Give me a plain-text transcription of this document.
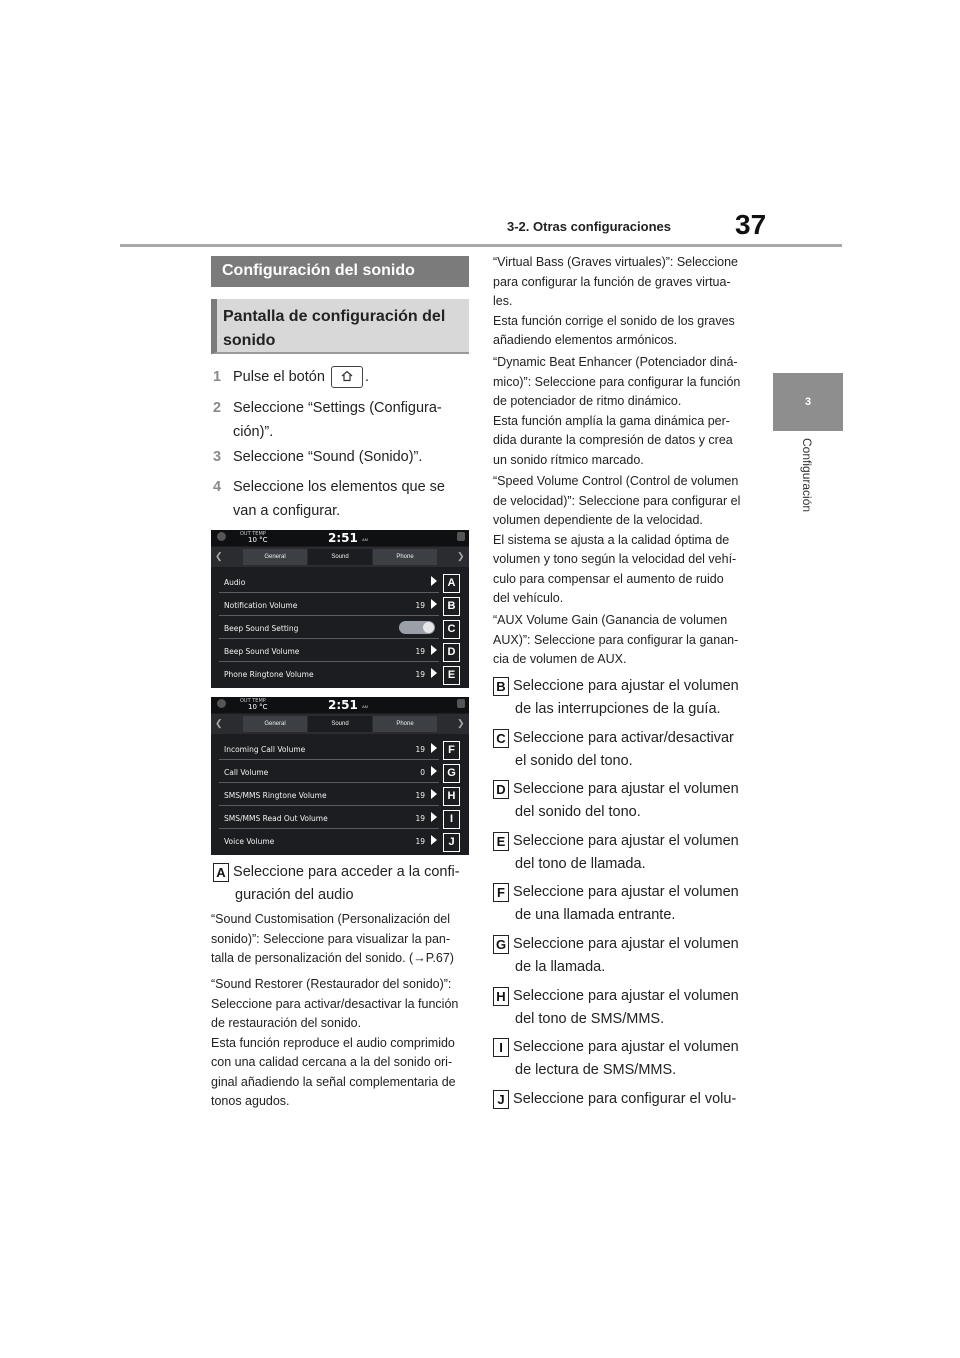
3-2. Otras configuraciones 37
3
Configuración
Configuración del sonido
Pantalla de configuración del
sonido
1 Pulse el botón	.
2 Seleccione “Settings (Configura-
ción)”.
3 Seleccione “Sound (Sonido)”.
4 Seleccione los elementos que se
van a configurar.
OUT TEMP
10 °C	2:51 AM
❮	General	Sound	Phone	❯
Audio	A
Notification Volume	19	B
Beep Sound Setting	C
Beep Sound Volume	19	D
Phone Ringtone Volume	19	E
OUT TEMP
10 °C	2:51 AM
❮	General	Sound	Phone	❯
Incoming Call Volume	19	F
Call Volume	0	G
SMS/MMS Ringtone Volume	19	H
SMS/MMS Read Out Volume	19	I
Voice Volume	19	J
A Seleccione para acceder a la confi-
guración del audio
“Sound Customisation (Personalización del
sonido)”: Seleccione para visualizar la pan-
talla de personalización del sonido. (→P.67)
“Sound Restorer (Restaurador del sonido)”:
Seleccione para activar/desactivar la función
de restauración del sonido.
Esta función reproduce el audio comprimido
con una calidad cercana a la del sonido ori-
ginal añadiendo la señal complementaria de
tonos agudos.
“Virtual Bass (Graves virtuales)”: Seleccione
para configurar la función de graves virtua-
les.
Esta función corrige el sonido de los graves
añadiendo elementos armónicos.
“Dynamic Beat Enhancer (Potenciador diná-
mico)”: Seleccione para configurar la función
de potenciador de ritmo dinámico.
Esta función amplía la gama dinámica per-
dida durante la compresión de datos y crea
un sonido rítmico marcado.
“Speed Volume Control (Control de volumen
de velocidad)”: Seleccione para configurar el
volumen dependiente de la velocidad.
El sistema se ajusta a la calidad óptima de
volumen y tono según la velocidad del vehí-
culo para compensar el aumento de ruido
del vehículo.
“AUX Volume Gain (Ganancia de volumen
AUX)”: Seleccione para configurar la ganan-
cia de volumen de AUX.
B Seleccione para ajustar el volumen
de las interrupciones de la guía.
C Seleccione para activar/desactivar
el sonido del tono.
D Seleccione para ajustar el volumen
del sonido del tono.
E Seleccione para ajustar el volumen
del tono de llamada.
F Seleccione para ajustar el volumen
de una llamada entrante.
G Seleccione para ajustar el volumen
de la llamada.
H Seleccione para ajustar el volumen
del tono de SMS/MMS.
I Seleccione para ajustar el volumen
de lectura de SMS/MMS.
J Seleccione para configurar el volu-
